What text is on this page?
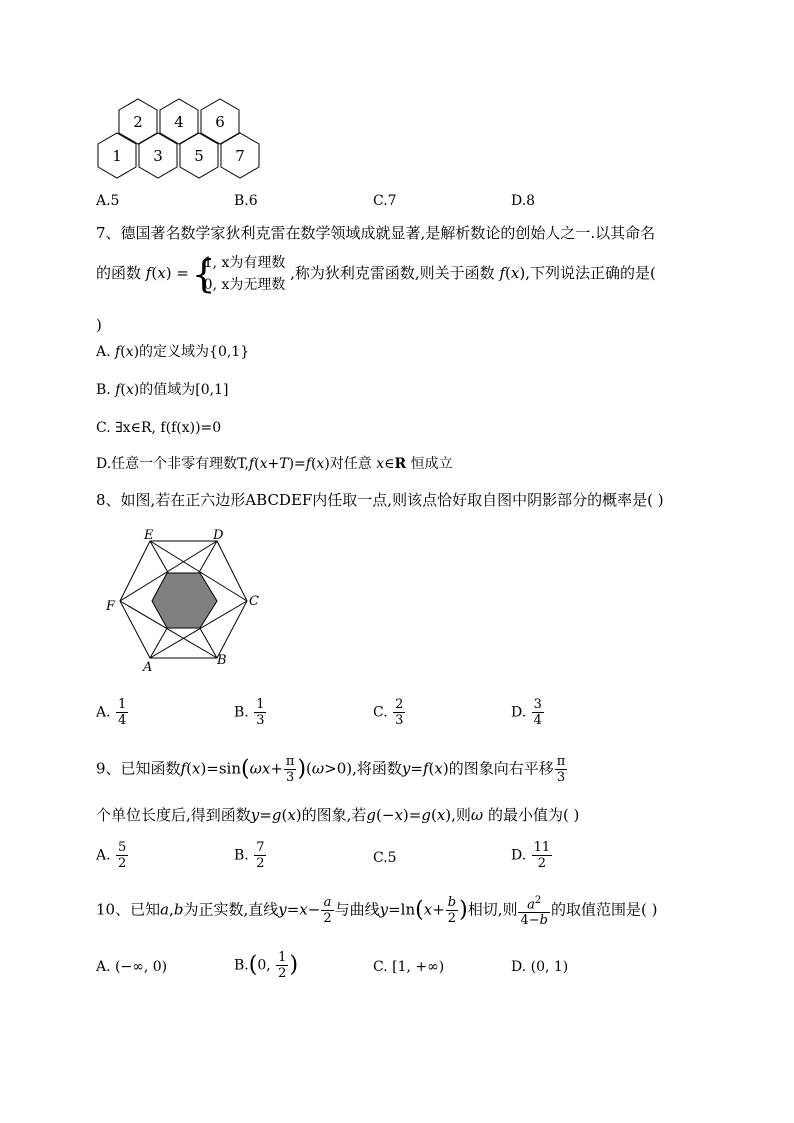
2 4 6
1 3 5 7
A.5	B.6	C.7	D.8
7、德国著名数学家狄利克雷在数学领域成就显著,是解析数论的创始人之一.以其命名
的函数 f(x) =
{
1, x为有理数
0, x为无理数
,称为狄利克雷函数,则关于函数 f(x),下列说法正确的是(
)
A. f(x)的定义域为{0,1}
B. f(x)的值域为[0,1]
C. ∃x∈R, f(f(x))=0
D.任意一个非零有理数T,f(x+T)=f(x)对任意 x∈R 恒成立
8、如图,若在正六边形ABCDEF内任取一点,则该点恰好取自图中阴影部分的概率是( )
E	D
C
F
A	B
A. $\frac{1}{4}$	B. $\frac{1}{3}$	C. $\frac{2}{3}$	D. $\frac{3}{4}$
9、已知函数$f(x)=\sin(\omega x+ \frac{\pi}{3} )(\omega>0)$,将函数y=f(x)的图象向右平移 $\frac{\pi}{3}$
个单位长度后,得到函数y=g(x)的图象,若g(−x)=g(x),则ω 的最小值为( )
A. $\frac{5}{2}$	B. $\frac{7}{2}$	C.5	D. $\frac{11}{2}$
10、已知a,b为正实数,直线$y=x- \frac{a}{2}$ 与曲线$y=\ln(x+ \frac{b}{2}$ )相切,则 $\frac{a^2}{4-b}$ 的取值范围是( )
A. (−∞, 0)	B.(0, $\frac{1}{2}$ )	C. [1, +∞)	D. (0, 1)
